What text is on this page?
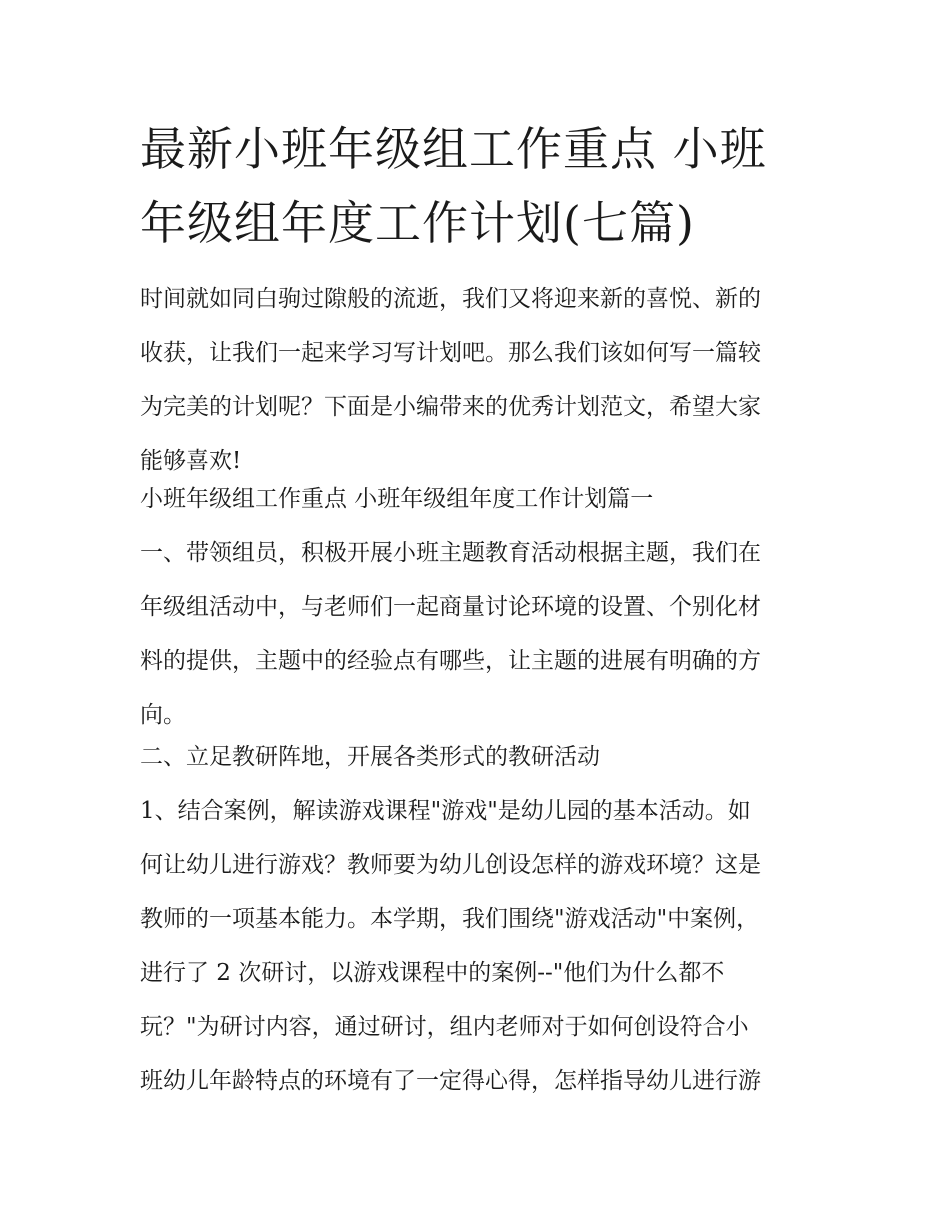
最新小班年级组工作重点 小班
年级组年度工作计划(七篇)
时间就如同白驹过隙般的流逝，我们又将迎来新的喜悦、新的
收获，让我们一起来学习写计划吧。那么我们该如何写一篇较
为完美的计划呢？下面是小编带来的优秀计划范文，希望大家
能够喜欢!
小班年级组工作重点 小班年级组年度工作计划篇一
一、带领组员，积极开展小班主题教育活动根据主题，我们在
年级组活动中，与老师们一起商量讨论环境的设置、个别化材
料的提供，主题中的经验点有哪些，让主题的进展有明确的方
向。
二、立足教研阵地，开展各类形式的教研活动
1、结合案例，解读游戏课程"游戏"是幼儿园的基本活动。如
何让幼儿进行游戏？教师要为幼儿创设怎样的游戏环境？这是
教师的一项基本能力。本学期，我们围绕"游戏活动"中案例，
进行了 2 次研讨，以游戏课程中的案例--"他们为什么都不
玩？"为研讨内容，通过研讨，组内老师对于如何创设符合小
班幼儿年龄特点的环境有了一定得心得，怎样指导幼儿进行游
